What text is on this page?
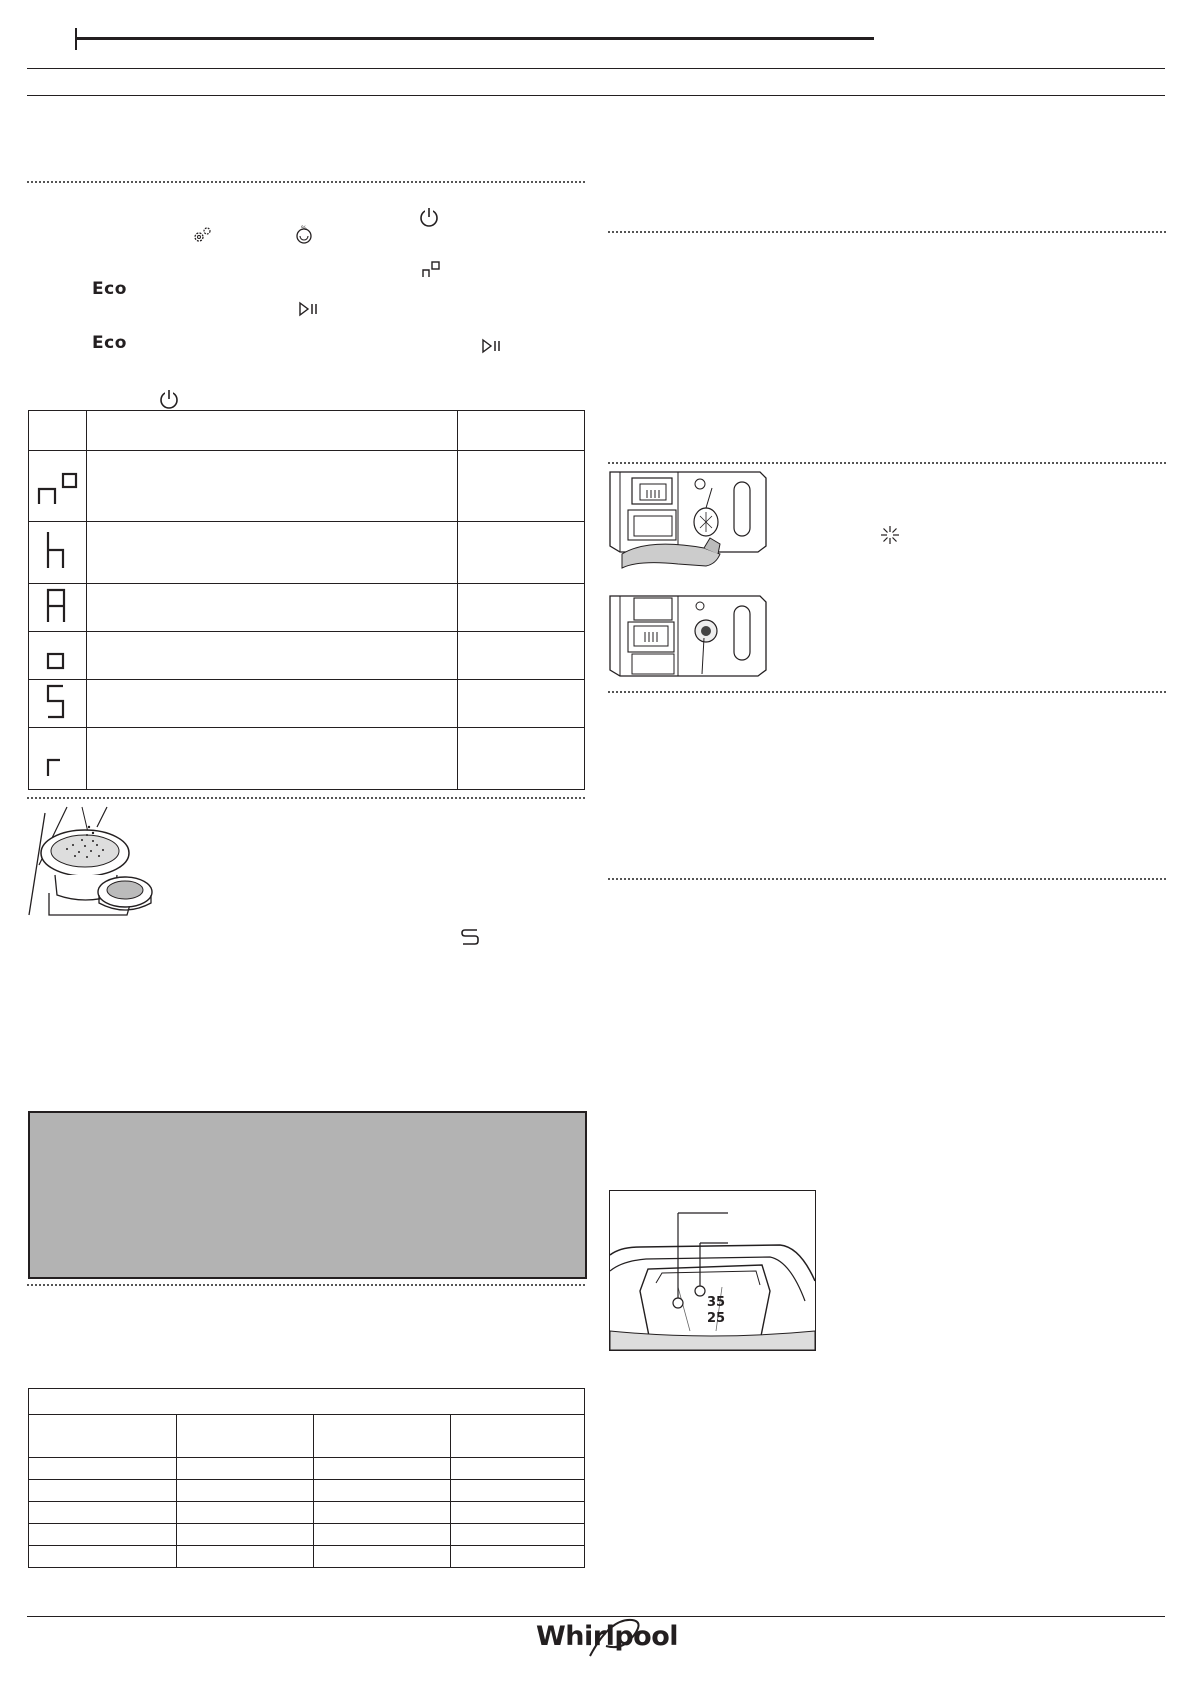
%
Eco
Eco

35
25
Whirlpool
